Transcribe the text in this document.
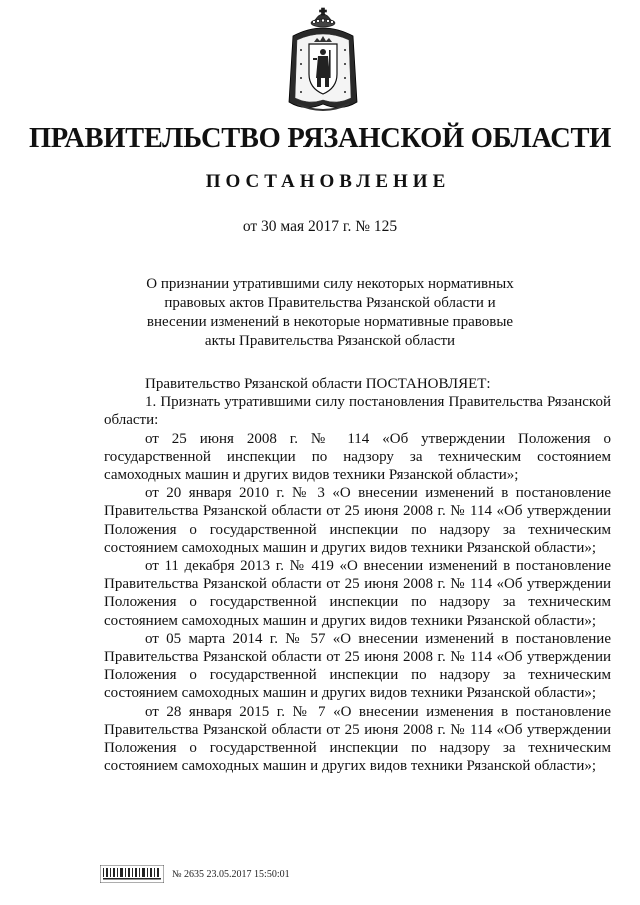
ПРАВИТЕЛЬСТВО РЯЗАНСКОЙ ОБЛАСТИ
ПОСТАНОВЛЕНИЕ
от 30 мая 2017 г. № 125
О признании утратившими силу некоторых нормативных правовых актов Правительства Рязанской области и внесении изменений в некоторые нормативные правовые акты Правительства Рязанской области

Правительство Рязанской области ПОСТАНОВЛЯЕТ:

1. Признать утратившими силу постановления Правительства Рязанской области:

от 25 июня 2008 г. № 114 «Об утверждении Положения о государственной инспекции по надзору за техническим состоянием самоходных машин и других видов техники Рязанской области»;

от 20 января 2010 г. № 3 «О внесении изменений в постановление Правительства Рязанской области от 25 июня 2008 г. № 114 «Об утверждении Положения о государственной инспекции по надзору за техническим состоянием самоходных машин и других видов техники Рязанской области»;

от 11 декабря 2013 г. № 419 «О внесении изменений в постановление Правительства Рязанской области от 25 июня 2008 г. № 114 «Об утверждении Положения о государственной инспекции по надзору за техническим состоянием самоходных машин и других видов техники Рязанской области»;

от 05 марта 2014 г. № 57 «О внесении изменений в постановление Правительства Рязанской области от 25 июня 2008 г. № 114 «Об утверждении Положения о государственной инспекции по надзору за техническим состоянием самоходных машин и других видов техники Рязанской области»;

от 28 января 2015 г. № 7 «О внесении изменения в постановление Правительства Рязанской области от 25 июня 2008 г. № 114 «Об утверждении Положения о государственной инспекции по надзору за техническим состоянием самоходных машин и других видов техники Рязанской области»;

№ 2635 23.05.2017 15:50:01
